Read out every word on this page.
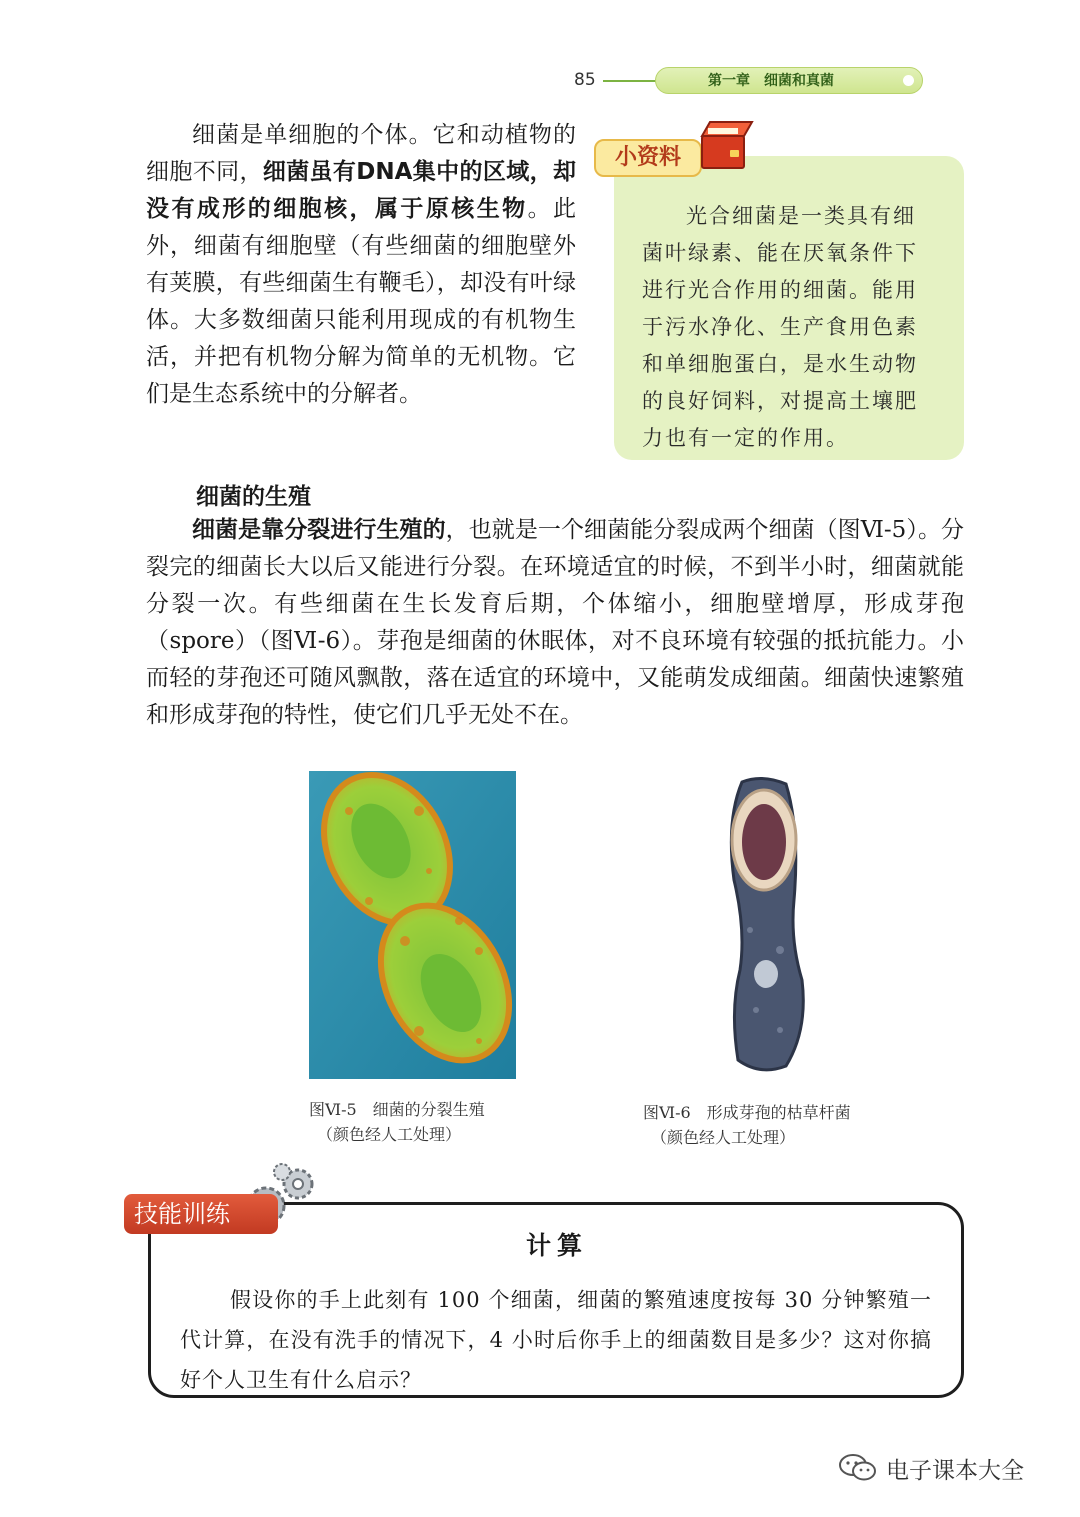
85	第一章　细菌和真菌

细菌是单细胞的个体。它和动植物的细胞不同，细菌虽有DNA集中的区域，却没有成形的细胞核，属于原核生物。此外，细菌有细胞壁（有些细菌的细胞壁外有荚膜，有些细菌生有鞭毛），却没有叶绿体。大多数细菌只能利用现成的有机物生活，并把有机物分解为简单的无机物。它们是生态系统中的分解者。

光合细菌是一类具有细菌叶绿素、能在厌氧条件下进行光合作用的细菌。能用于污水净化、生产食用色素和单细胞蛋白，是水生动物的良好饲料，对提高土壤肥力也有一定的作用。
小资料
细菌的生殖

细菌是靠分裂进行生殖的，也就是一个细菌能分裂成两个细菌（图Ⅵ-5）。分裂完的细菌长大以后又能进行分裂。在环境适宜的时候，不到半小时，细菌就能分裂一次。有些细菌在生长发育后期，个体缩小，细胞壁增厚，形成芽孢（spore）（图Ⅵ-6）。芽孢是细菌的休眠体，对不良环境有较强的抵抗能力。小而轻的芽孢还可随风飘散，落在适宜的环境中，又能萌发成细菌。细菌快速繁殖和形成芽孢的特性，使它们几乎无处不在。

图Ⅵ-5　细菌的分裂生殖
（颜色经人工处理）
图Ⅵ-6　形成芽孢的枯草杆菌
（颜色经人工处理）
技能训练
计算
假设你的手上此刻有 100 个细菌，细菌的繁殖速度按每 30 分钟繁殖一代计算，在没有洗手的情况下，4 小时后你手上的细菌数目是多少？这对你搞好个人卫生有什么启示？
电子课本大全
